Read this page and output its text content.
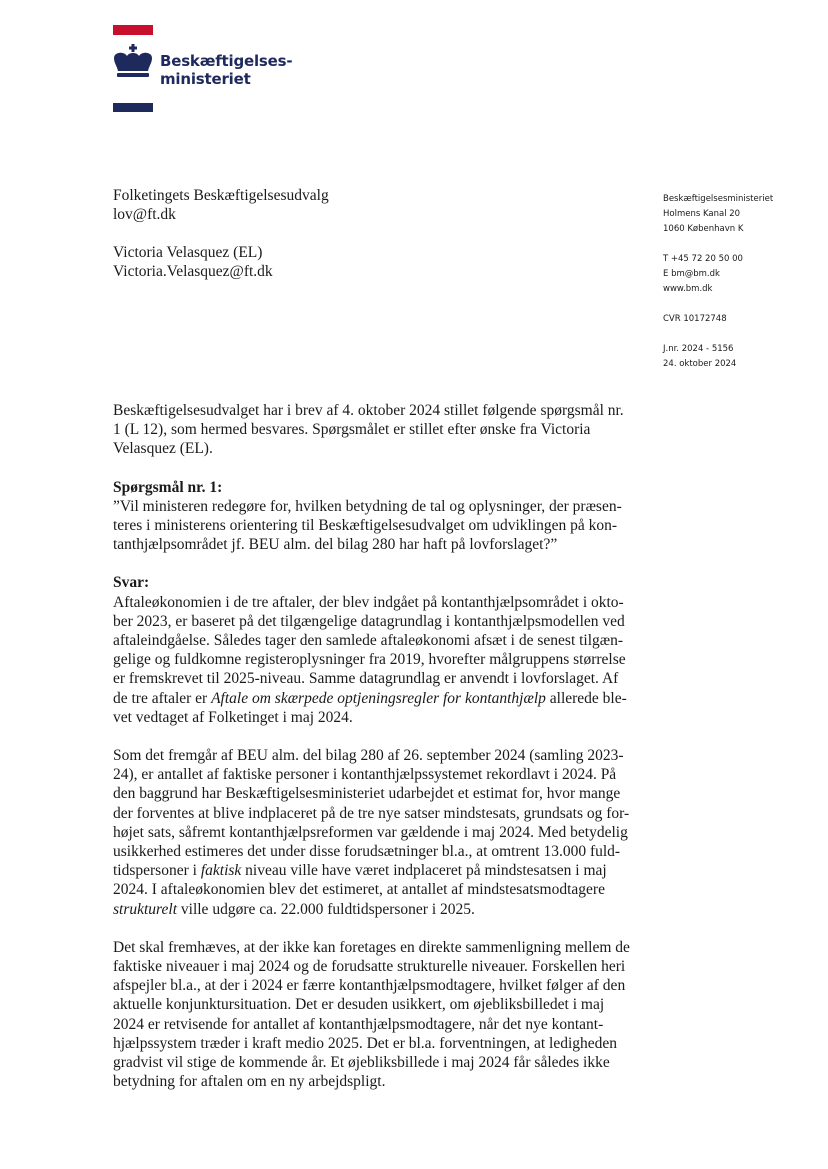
Beskæftigelses-
ministeriet
Folketingets Beskæftigelsesudvalg
lov@ft.dk
Victoria Velasquez (EL)
Victoria.Velasquez@ft.dk
Beskæftigelsesministeriet
Holmens Kanal 20
1060 København K
T +45 72 20 50 00
E bm@bm.dk
www.bm.dk
CVR 10172748
J.nr. 2024 - 5156
24. oktober 2024
Beskæftigelsesudvalget har i brev af 4. oktober 2024 stillet følgende spørgsmål nr.
1 (L 12), som hermed besvares. Spørgsmålet er stillet efter ønske fra Victoria
Velasquez (EL).
Spørgsmål nr. 1:
”Vil ministeren redegøre for, hvilken betydning de tal og oplysninger, der præsen-
teres i ministerens orientering til Beskæftigelsesudvalget om udviklingen på kon-
tanthjælpsområdet jf. BEU alm. del bilag 280 har haft på lovforslaget?”
Svar:
Aftaleøkonomien i de tre aftaler, der blev indgået på kontanthjælpsområdet i okto-
ber 2023, er baseret på det tilgængelige datagrundlag i kontanthjælpsmodellen ved
aftaleindgåelse. Således tager den samlede aftaleøkonomi afsæt i de senest tilgæn-
gelige og fuldkomne registeroplysninger fra 2019, hvorefter målgruppens størrelse
er fremskrevet til 2025-niveau. Samme datagrundlag er anvendt i lovforslaget. Af
de tre aftaler er Aftale om skærpede optjeningsregler for kontanthjælp allerede ble-
vet vedtaget af Folketinget i maj 2024.
Som det fremgår af BEU alm. del bilag 280 af 26. september 2024 (samling 2023-
24), er antallet af faktiske personer i kontanthjælpssystemet rekordlavt i 2024. På
den baggrund har Beskæftigelsesministeriet udarbejdet et estimat for, hvor mange
der forventes at blive indplaceret på de tre nye satser mindstesats, grundsats og for-
højet sats, såfremt kontanthjælpsreformen var gældende i maj 2024. Med betydelig
usikkerhed estimeres det under disse forudsætninger bl.a., at omtrent 13.000 fuld-
tidspersoner i faktisk niveau ville have været indplaceret på mindstesatsen i maj
2024. I aftaleøkonomien blev det estimeret, at antallet af mindstesatsmodtagere
strukturelt ville udgøre ca. 22.000 fuldtidspersoner i 2025.
Det skal fremhæves, at der ikke kan foretages en direkte sammenligning mellem de
faktiske niveauer i maj 2024 og de forudsatte strukturelle niveauer. Forskellen heri
afspejler bl.a., at der i 2024 er færre kontanthjælpsmodtagere, hvilket følger af den
aktuelle konjunktursituation. Det er desuden usikkert, om øjebliksbilledet i maj
2024 er retvisende for antallet af kontanthjælpsmodtagere, når det nye kontant-
hjælpssystem træder i kraft medio 2025. Det er bl.a. forventningen, at ledigheden
gradvist vil stige de kommende år. Et øjebliksbillede i maj 2024 får således ikke
betydning for aftalen om en ny arbejdspligt.
